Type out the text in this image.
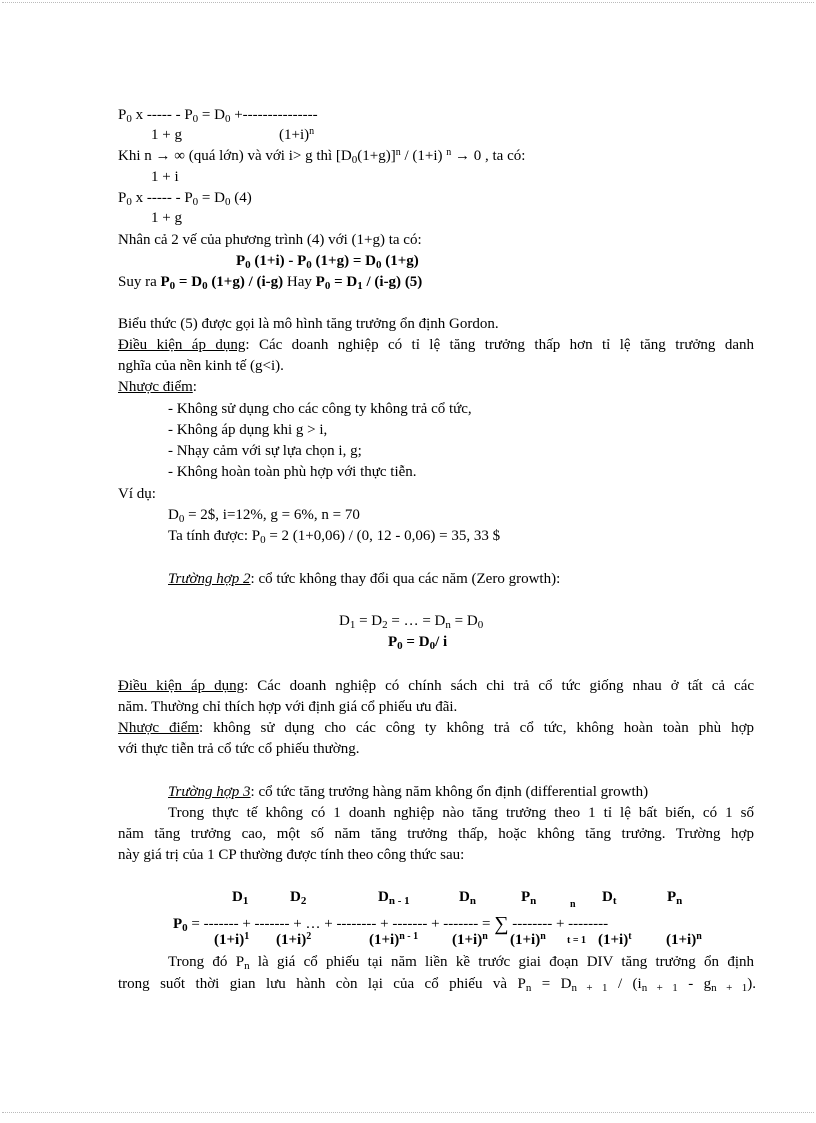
$P_0$ x ----- - $P_0 = D_0$ +---------------
1 + g	$(1+i)^n$
Khi n → ∞ (quá lớn) và với i> g thì $[D_0(1+g)]^n / (1+i) ^n \to 0$ , ta có:
1 + i
$P_0$ x ----- - $P_0 = D_0$ (4)
1 + g
Nhân cả 2 vế của phương trình (4) với (1+g) ta có:
$P_0$ $(1+i) - P_0$ $(1+g) = D_0$ (1+g)
Suy ra $P_0 = D_0$ (1+g) / (i-g) Hay $P_0 = D_1 / (i-g)$ (5)
Biểu thức (5) được gọi là mô hình tăng trưởng ổn định Gordon.
Điều kiện áp dụng: Các doanh nghiệp có tỉ lệ tăng trưởng thấp hơn tỉ lệ tăng trưởng danh
nghĩa của nền kinh tế (g<i).
Nhược điểm:
- Không sử dụng cho các công ty không trả cổ tức,
- Không áp dụng khi g > i,
- Nhạy cảm với sự lựa chọn i, g;
- Không hoàn toàn phù hợp với thực tiễn.
Ví dụ:
$D_0$ = 2$, i=12%, g = 6%, n = 70
Ta tính được: $P_0 = 2$ (1+0,06) / (0, 12 - 0,06) = 35, 33 $
Trường hợp 2: cổ tức không thay đổi qua các năm (Zero growth):
$D_1 = D_2$ = … = $D_n = D_0$
$P_0 = D_0/$ i
Điều kiện áp dụng: Các doanh nghiệp có chính sách chi trả cổ tức giống nhau ở tất cả các
năm. Thường chỉ thích hợp với định giá cổ phiếu ưu đãi.
Nhược điểm: không sử dụng cho các công ty không trả cổ tức, không hoàn toàn phù hợp
với thực tiễn trả cổ tức cổ phiếu thường.
Trường hợp 3: cổ tức tăng trưởng hàng năm không ổn định (differential growth)
Trong thực tế không có 1 doanh nghiệp nào tăng trưởng theo 1 tỉ lệ bất biến, có 1 số
năm tăng trưởng cao, một số năm tăng trưởng thấp, hoặc không tăng trưởng. Trường hợp
này giá trị của 1 CP thường được tính theo công thức sau:
$D_1$	$D_2$	$D_{n - 1}$	$D_n$	$P_n$	n $D_t$	$P_n$
$P_0$ = ------- + ------- + … + -------- + ------- + ------- = ∑ -------- + --------
$(1+i)^1$ $(1+i)^2$	$(1+i)^{n - 1}$ $(1+i)^n$ $(1+i)^n$ t = 1 $(1+i)^t$ $(1+i)^n$
Trong đó $P_n$ là giá cổ phiếu tại năm liền kề trước giai đoạn DIV tăng trưởng ổn định
trong suốt thời gian lưu hành còn lại của cổ phiếu và $P_n = D_{n + 1} / (i_{n + 1} - g_{n + 1})$.
